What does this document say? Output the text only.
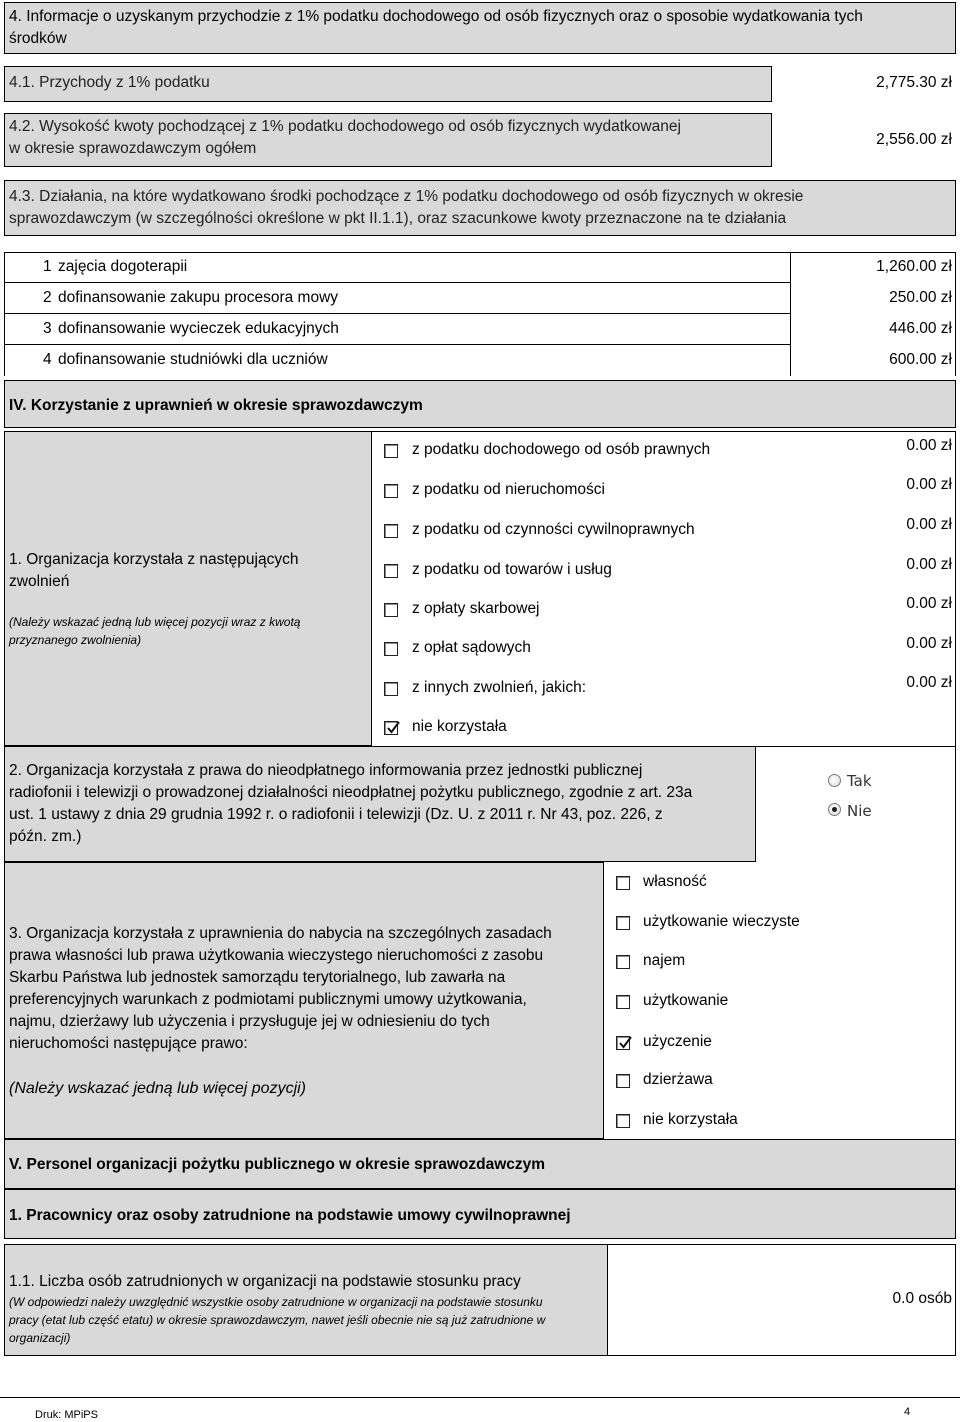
4. Informacje o uzyskanym przychodzie z 1% podatku dochodowego od osób fizycznych oraz o sposobie wydatkowania tych
środków
4.1. Przychody z 1% podatku	2,775.30 zł
4.2. Wysokość kwoty pochodzącej z 1% podatku dochodowego od osób fizycznych wydatkowanej
w okresie sprawozdawczym ogółem
2,556.00 zł
4.3. Działania, na które wydatkowano środki pochodzące z 1% podatku dochodowego od osób fizycznych w okresie
sprawozdawczym (w szczególności określone w pkt II.1.1), oraz szacunkowe kwoty przeznaczone na te działania
1 zajęcia dogoterapii	1,260.00 zł
2 dofinansowanie zakupu procesora mowy	250.00 zł
3 dofinansowanie wycieczek edukacyjnych	446.00 zł
4 dofinansowanie studniówki dla uczniów	600.00 zł
IV. Korzystanie z uprawnień w okresie sprawozdawczym
1. Organizacja korzystała z następujących
zwolnień
(Należy wskazać jedną lub więcej pozycji wraz z kwotą
przyznanego zwolnienia)
z podatku dochodowego od osób prawnych	0.00 zł
z podatku od nieruchomości	0.00 zł
z podatku od czynności cywilnoprawnych	0.00 zł
z podatku od towarów i usług	0.00 zł
z opłaty skarbowej	0.00 zł
z opłat sądowych	0.00 zł
z innych zwolnień, jakich:	0.00 zł
nie korzystała
2. Organizacja korzystała z prawa do nieodpłatnego informowania przez jednostki publicznej
radiofonii i telewizji o prowadzonej działalności nieodpłatnej pożytku publicznego, zgodnie z art. 23a
ust. 1 ustawy z dnia 29 grudnia 1992 r. o radiofonii i telewizji (Dz. U. z 2011 r. Nr 43, poz. 226, z
późn. zm.)
Tak
Nie
3. Organizacja korzystała z uprawnienia do nabycia na szczególnych zasadach
prawa własności lub prawa użytkowania wieczystego nieruchomości z zasobu
Skarbu Państwa lub jednostek samorządu terytorialnego, lub zawarła na
preferencyjnych warunkach z podmiotami publicznymi umowy użytkowania,
najmu, dzierżawy lub użyczenia i przysługuje jej w odniesieniu do tych
nieruchomości następujące prawo:
(Należy wskazać jedną lub więcej pozycji)
własność
użytkowanie wieczyste
najem
użytkowanie
użyczenie
dzierżawa
nie korzystała
V. Personel organizacji pożytku publicznego w okresie sprawozdawczym
1. Pracownicy oraz osoby zatrudnione na podstawie umowy cywilnoprawnej
1.1. Liczba osób zatrudnionych w organizacji na podstawie stosunku pracy
(W odpowiedzi należy uwzględnić wszystkie osoby zatrudnione w organizacji na podstawie stosunku
pracy (etat lub część etatu) w okresie sprawozdawczym, nawet jeśli obecnie nie są już zatrudnione w
organizacji)
0.0 osób
Druk: MPiPS	4
